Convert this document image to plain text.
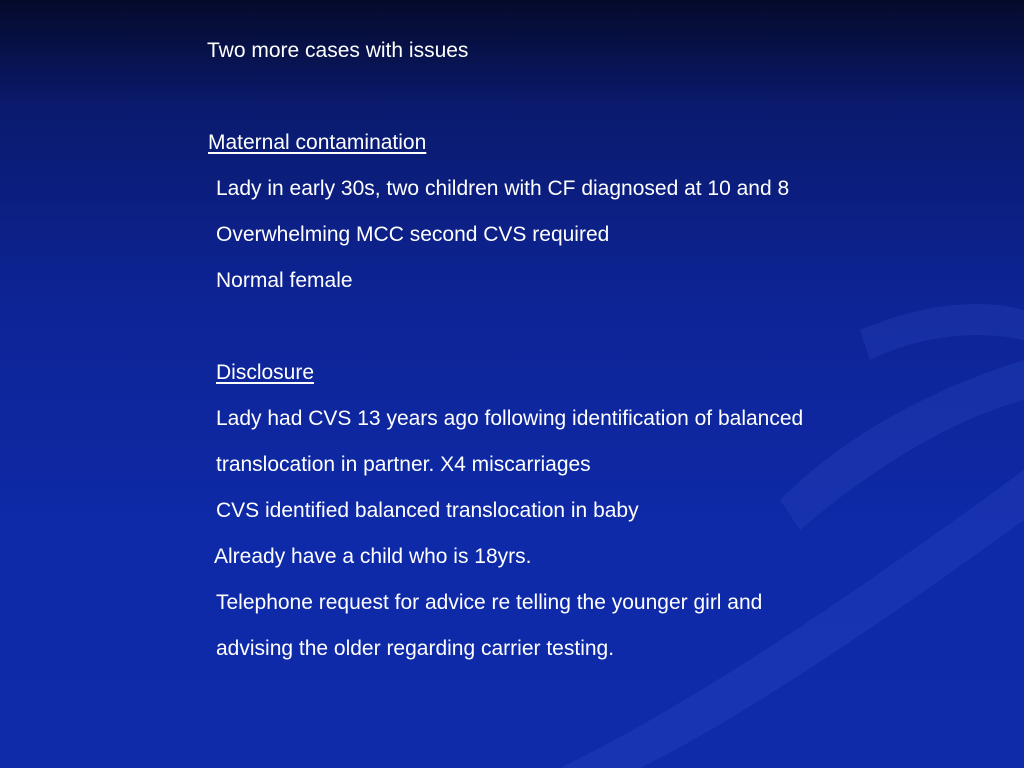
Two more cases with issues
Maternal contamination
Lady in early 30s, two children with CF diagnosed at 10 and 8
Overwhelming MCC second CVS required
Normal female
Disclosure
Lady had CVS 13 years ago following identification of balanced
translocation in partner. X4 miscarriages
CVS identified balanced translocation in baby
Already have a child who is 18yrs.
Telephone request for advice re telling the younger girl and
advising the older regarding carrier testing.
